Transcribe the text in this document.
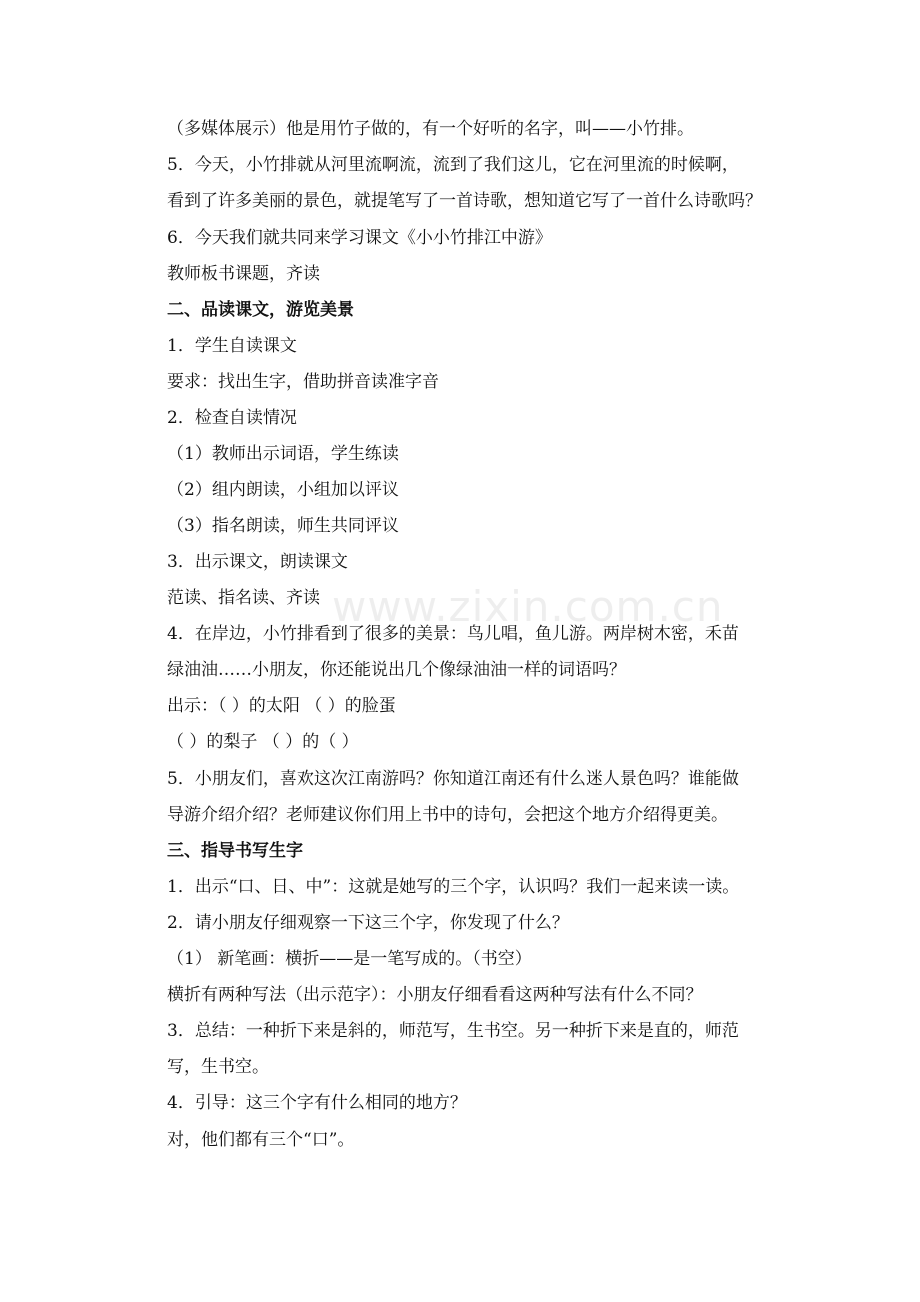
www.zixin.com.cn
（多媒体展示）他是用竹子做的，有一个好听的名字，叫——小竹排。
5．今天，小竹排就从河里流啊流，流到了我们这儿，它在河里流的时候啊，
看到了许多美丽的景色，就提笔写了一首诗歌，想知道它写了一首什么诗歌吗？
6．今天我们就共同来学习课文《小小竹排江中游》
教师板书课题，齐读
二、品读课文，游览美景
1．学生自读课文
要求：找出生字，借助拼音读准字音
2．检查自读情况
（1）教师出示词语，学生练读
（2）组内朗读，小组加以评议
（3）指名朗读，师生共同评议
3．出示课文，朗读课文
范读、指名读、齐读
4．在岸边，小竹排看到了很多的美景：鸟儿唱，鱼儿游。两岸树木密，禾苗
绿油油……小朋友，你还能说出几个像绿油油一样的词语吗？
出示：（ ）的太阳 （ ）的脸蛋
（ ）的梨子 （ ）的（ ）
5．小朋友们，喜欢这次江南游吗？你知道江南还有什么迷人景色吗？谁能做
导游介绍介绍？老师建议你们用上书中的诗句，会把这个地方介绍得更美。
三、指导书写生字
1．出示“口、日、中”：这就是她写的三个字，认识吗？我们一起来读一读。
2．请小朋友仔细观察一下这三个字，你发现了什么？
（1） 新笔画：横折——是一笔写成的。（书空）
横折有两种写法（出示范字）：小朋友仔细看看这两种写法有什么不同？
3．总结：一种折下来是斜的，师范写，生书空。另一种折下来是直的，师范
写，生书空。
4．引导：这三个字有什么相同的地方？
对，他们都有三个“口”。
